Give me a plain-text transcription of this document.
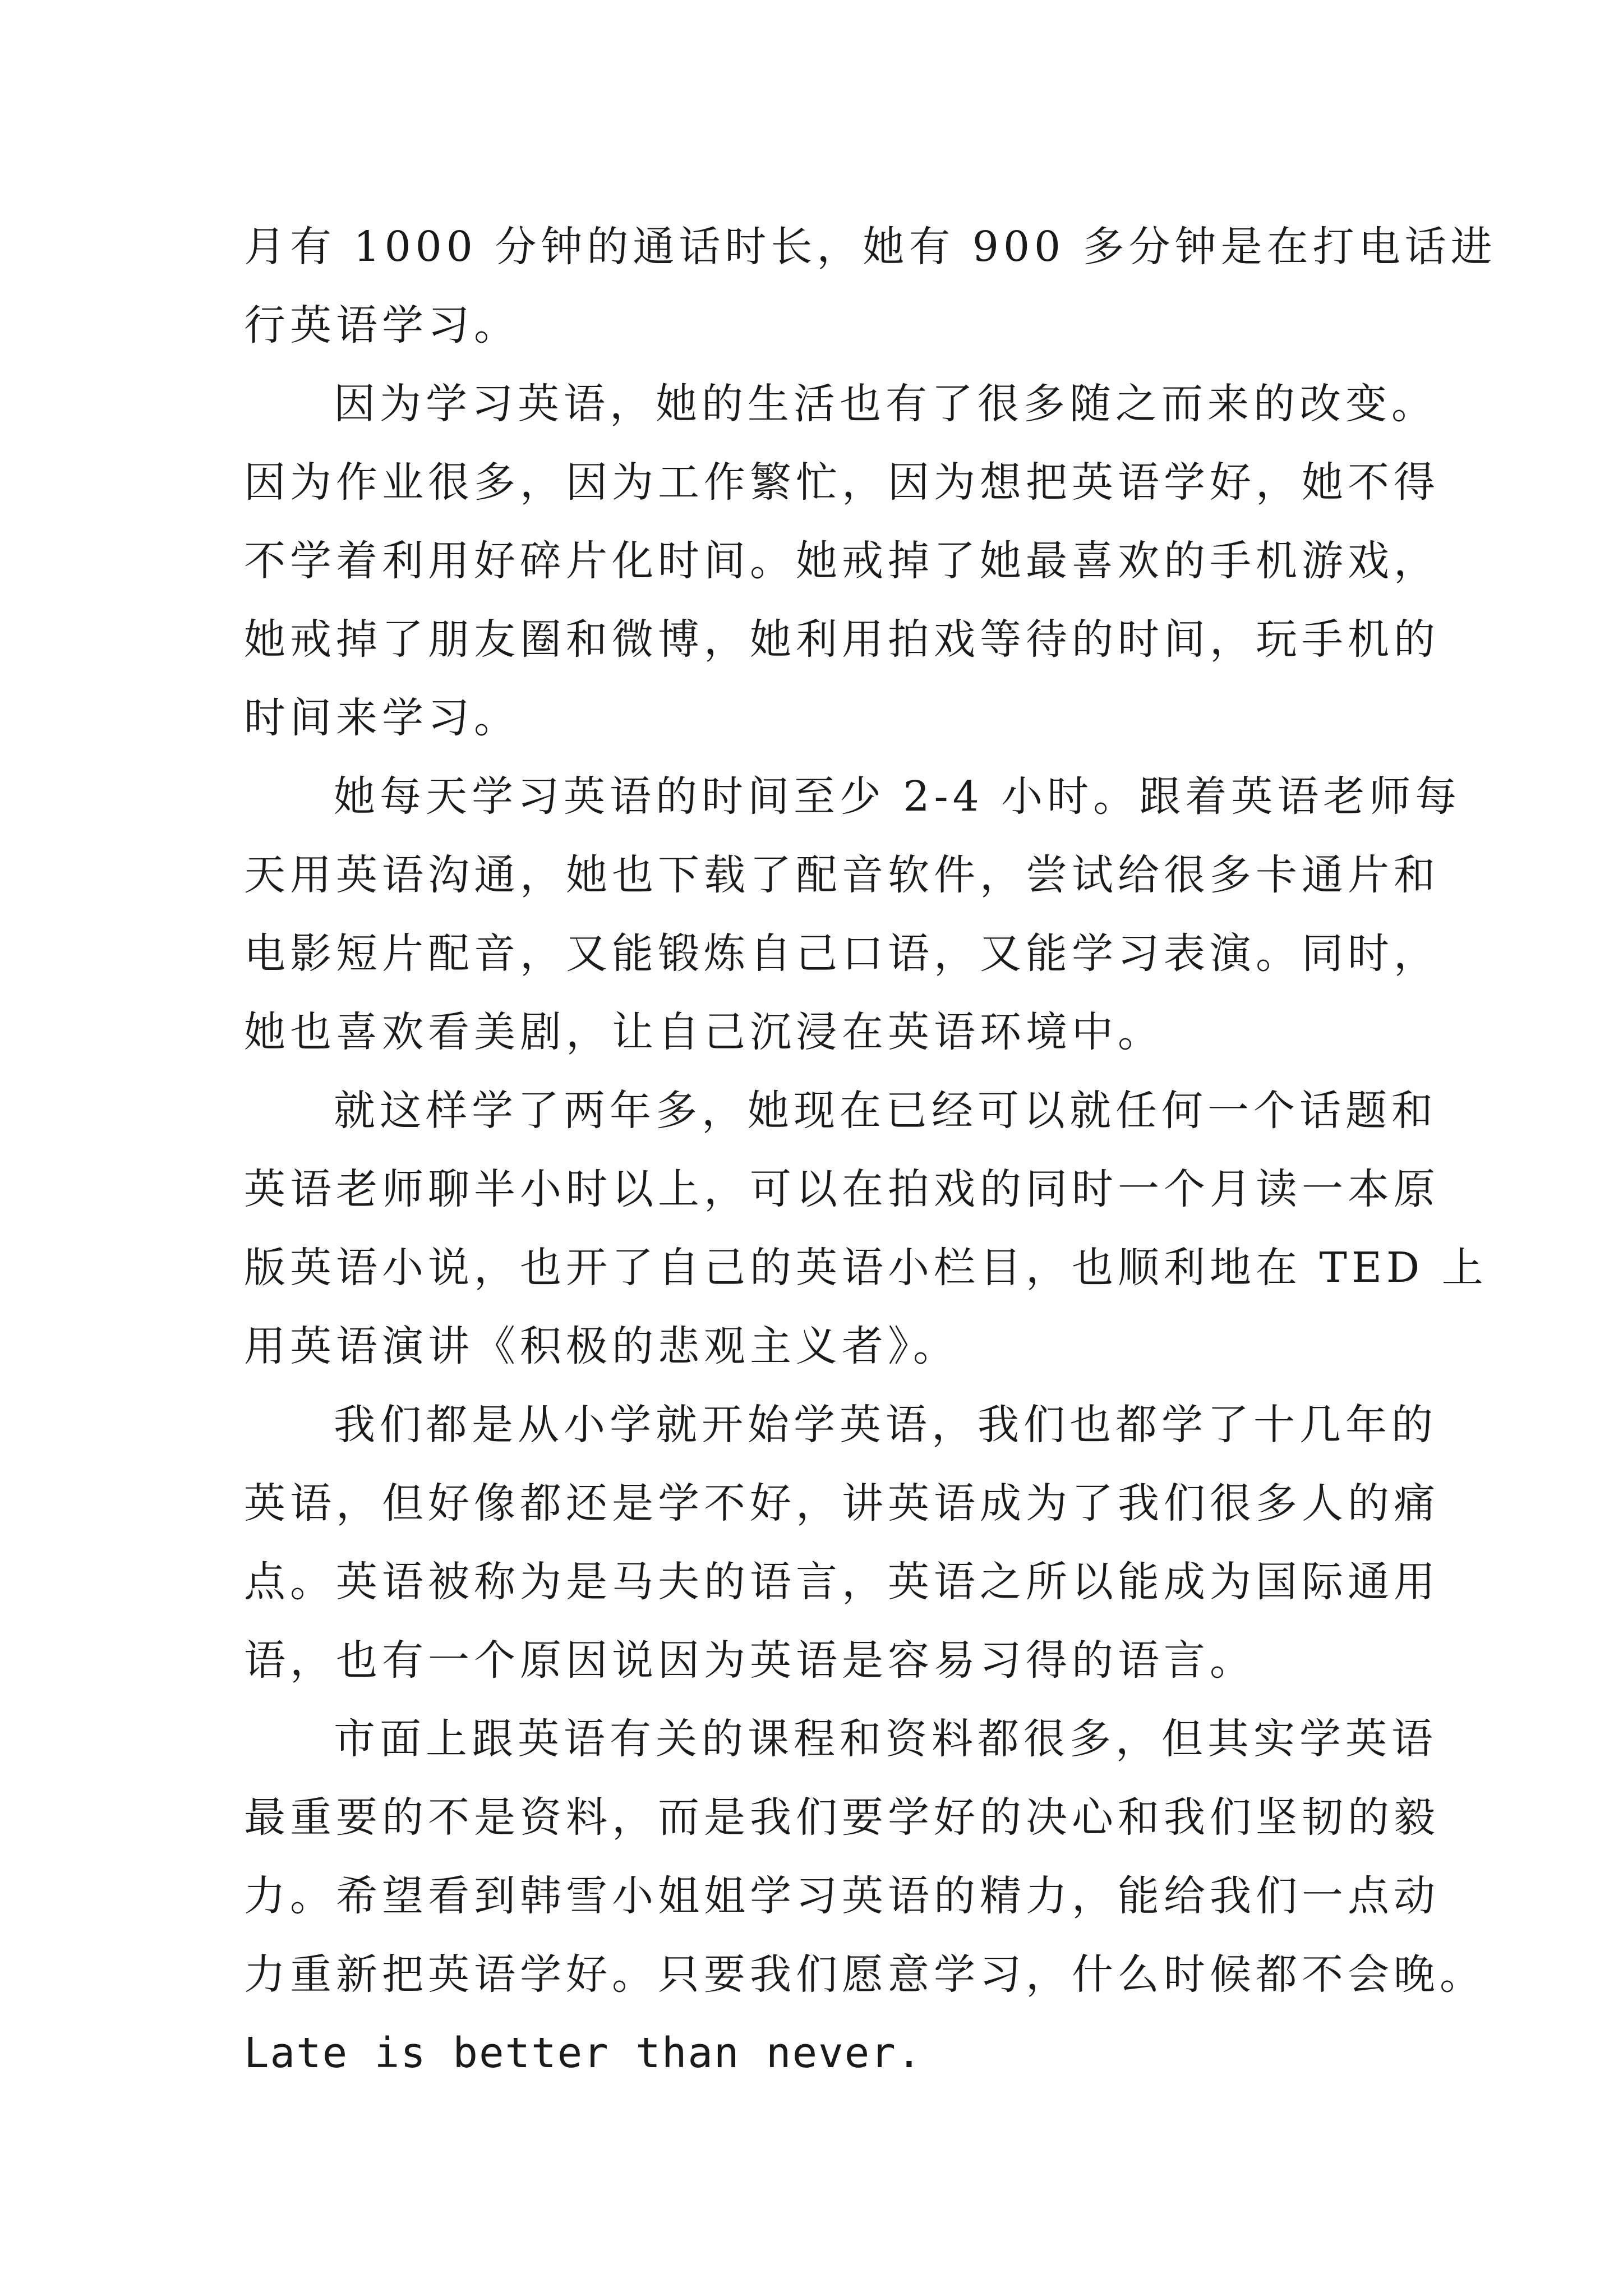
月有 1000 分钟的通话时长，她有 900 多分钟是在打电话进
行英语学习。
因为学习英语，她的生活也有了很多随之而来的改变。
因为作业很多，因为工作繁忙，因为想把英语学好，她不得
不学着利用好碎片化时间。她戒掉了她最喜欢的手机游戏，
她戒掉了朋友圈和微博，她利用拍戏等待的时间，玩手机的
时间来学习。
她每天学习英语的时间至少 2-4 小时。跟着英语老师每
天用英语沟通，她也下载了配音软件，尝试给很多卡通片和
电影短片配音，又能锻炼自己口语，又能学习表演。同时，
她也喜欢看美剧，让自己沉浸在英语环境中。
就这样学了两年多，她现在已经可以就任何一个话题和
英语老师聊半小时以上，可以在拍戏的同时一个月读一本原
版英语小说，也开了自己的英语小栏目，也顺利地在 TED 上
用英语演讲《积极的悲观主义者》。
我们都是从小学就开始学英语，我们也都学了十几年的
英语，但好像都还是学不好，讲英语成为了我们很多人的痛
点。英语被称为是马夫的语言，英语之所以能成为国际通用
语，也有一个原因说因为英语是容易习得的语言。
市面上跟英语有关的课程和资料都很多，但其实学英语
最重要的不是资料，而是我们要学好的决心和我们坚韧的毅
力。希望看到韩雪小姐姐学习英语的精力，能给我们一点动
力重新把英语学好。只要我们愿意学习，什么时候都不会晚。
Late is better than never.
